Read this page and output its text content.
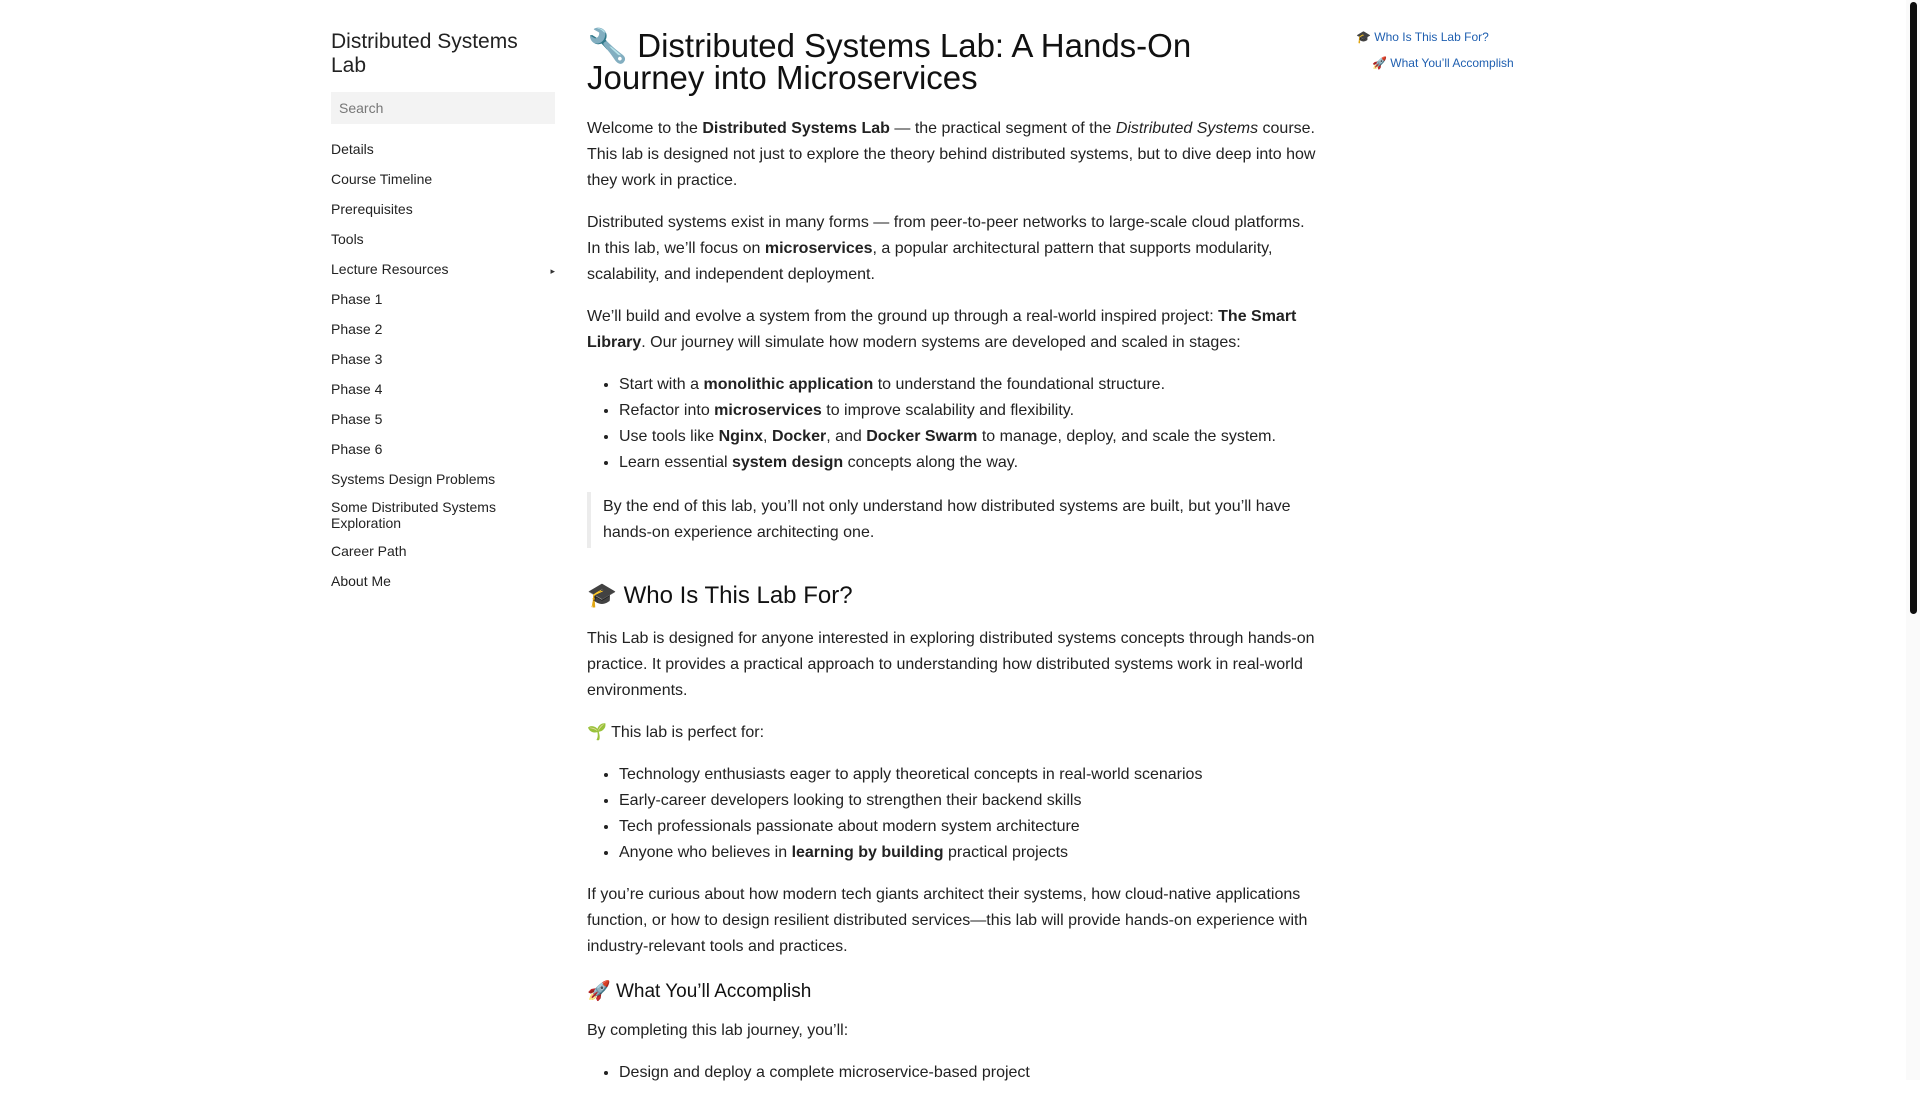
Distributed Systems Lab
Search
Details
Course Timeline
Prerequisites
Tools
Lecture Resources	▸
Phase 1
Phase 2
Phase 3
Phase 4
Phase 5
Phase 6
Systems Design Problems
Some Distributed Systems Exploration
Career Path
About Me
🔧 Distributed Systems Lab: A Hands-On Journey into Microservices

Welcome to the Distributed Systems Lab — the practical segment of the Distributed Systems course. This lab is designed not just to explore the theory behind distributed systems, but to dive deep into how they work in practice.

Distributed systems exist in many forms — from peer-to-peer networks to large-scale cloud platforms. In this lab, we’ll focus on microservices, a popular architectural pattern that supports modularity, scalability, and independent deployment.

We’ll build and evolve a system from the ground up through a real-world inspired project: The Smart Library. Our journey will simulate how modern systems are developed and scaled in stages:

• Start with a monolithic application to understand the foundational structure.
• Refactor into microservices to improve scalability and flexibility.
• Use tools like Nginx, Docker, and Docker Swarm to manage, deploy, and scale the system.
• Learn essential system design concepts along the way.

By the end of this lab, you’ll not only understand how distributed systems are built, but you’ll have hands-on experience architecting one.

🎓 Who Is This Lab For?

This Lab is designed for anyone interested in exploring distributed systems concepts through hands-on practice. It provides a practical approach to understanding how distributed systems work in real-world environments.

🌱 This lab is perfect for:

• Technology enthusiasts eager to apply theoretical concepts in real-world scenarios
• Early-career developers looking to strengthen their backend skills
• Tech professionals passionate about modern system architecture
• Anyone who believes in learning by building practical projects

If you’re curious about how modern tech giants architect their systems, how cloud-native applications function, or how to design resilient distributed services—this lab will provide hands-on experience with industry-relevant tools and practices.

🚀 What You’ll Accomplish

By completing this lab journey, you’ll:

• Design and deploy a complete microservice-based project
🎓 Who Is This Lab For?
🚀 What You’ll Accomplish
